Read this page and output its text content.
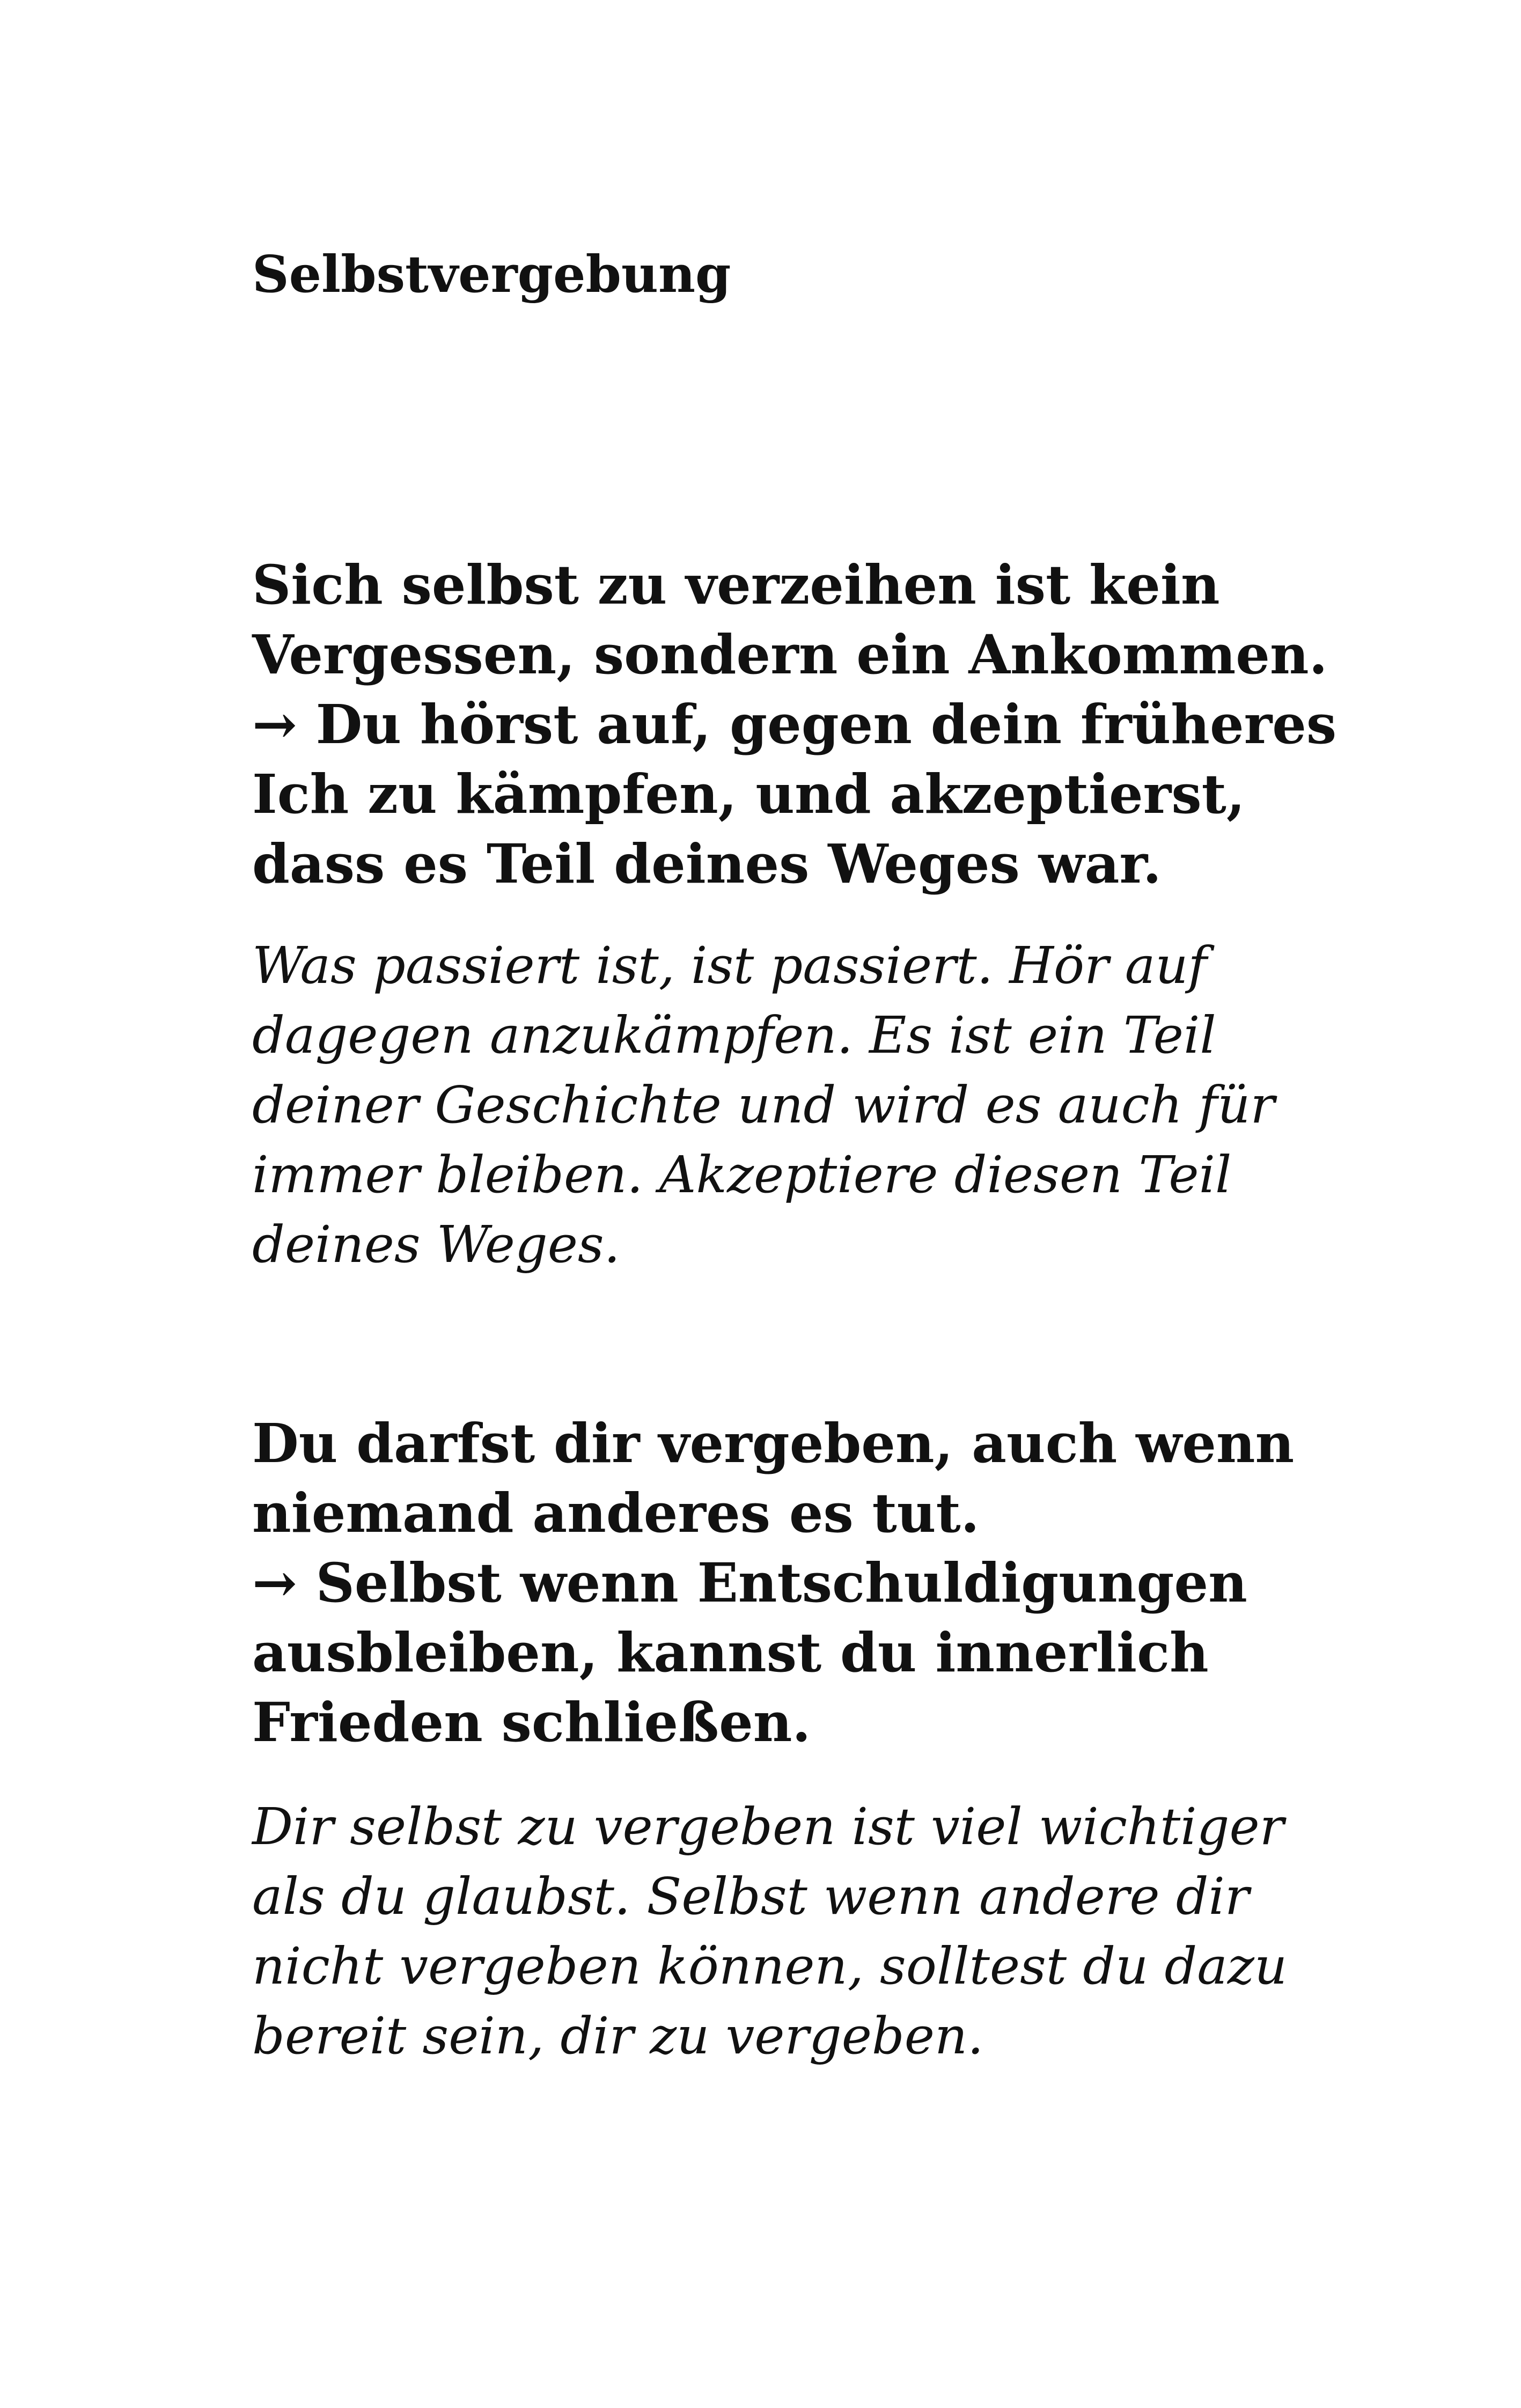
Selbstvergebung
Sich selbst zu verzeihen ist kein
Vergessen, sondern ein Ankommen.
→ Du hörst auf, gegen dein früheres
Ich zu kämpfen, und akzeptierst,
dass es Teil deines Weges war.
Was passiert ist, ist passiert. Hör auf
dagegen anzukämpfen. Es ist ein Teil
deiner Geschichte und wird es auch für
immer bleiben. Akzeptiere diesen Teil
deines Weges.
Du darfst dir vergeben, auch wenn
niemand anderes es tut.
→ Selbst wenn Entschuldigungen
ausbleiben, kannst du innerlich
Frieden schließen.
Dir selbst zu vergeben ist viel wichtiger
als du glaubst. Selbst wenn andere dir
nicht vergeben können, solltest du dazu
bereit sein, dir zu vergeben.
